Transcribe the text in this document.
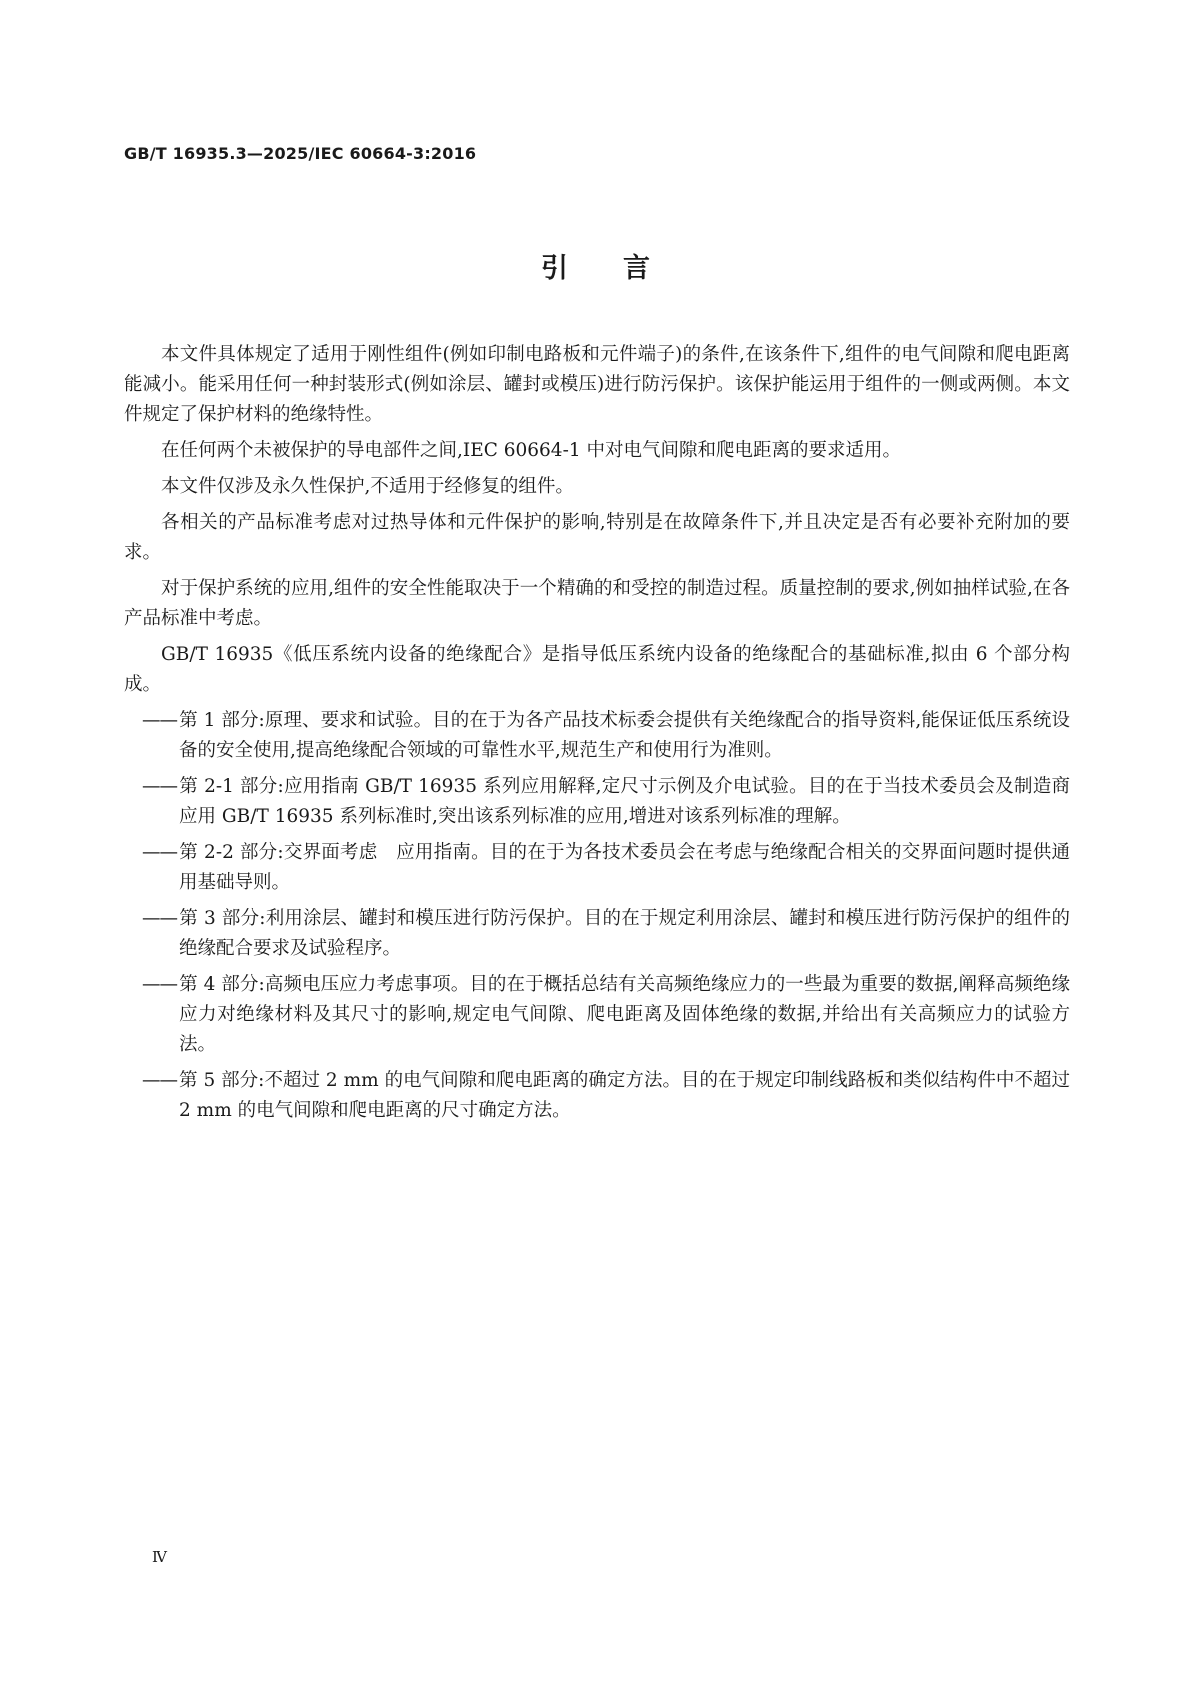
GB/T 16935.3—2025/IEC 60664-3:2016
引言

本文件具体规定了适用于刚性组件(例如印制电路板和元件端子)的条件,在该条件下,组件的电气间隙和爬电距离能减小。能采用任何一种封装形式(例如涂层、罐封或模压)进行防污保护。该保护能运用于组件的一侧或两侧。本文件规定了保护材料的绝缘特性。

在任何两个未被保护的导电部件之间,IEC 60664-1 中对电气间隙和爬电距离的要求适用。

本文件仅涉及永久性保护,不适用于经修复的组件。

各相关的产品标准考虑对过热导体和元件保护的影响,特别是在故障条件下,并且决定是否有必要补充附加的要求。

对于保护系统的应用,组件的安全性能取决于一个精确的和受控的制造过程。质量控制的要求,例如抽样试验,在各产品标准中考虑。

GB/T 16935《低压系统内设备的绝缘配合》是指导低压系统内设备的绝缘配合的基础标准,拟由 6 个部分构成。

—— 第 1 部分:原理、要求和试验。目的在于为各产品技术标委会提供有关绝缘配合的指导资料,能保证低压系统设备的安全使用,提高绝缘配合领域的可靠性水平,规范生产和使用行为准则。

—— 第 2-1 部分:应用指南 GB/T 16935 系列应用解释,定尺寸示例及介电试验。目的在于当技术委员会及制造商应用 GB/T 16935 系列标准时,突出该系列标准的应用,增进对该系列标准的理解。

—— 第 2-2 部分:交界面考虑　应用指南。目的在于为各技术委员会在考虑与绝缘配合相关的交界面问题时提供通用基础导则。

—— 第 3 部分:利用涂层、罐封和模压进行防污保护。目的在于规定利用涂层、罐封和模压进行防污保护的组件的绝缘配合要求及试验程序。

—— 第 4 部分:高频电压应力考虑事项。目的在于概括总结有关高频绝缘应力的一些最为重要的数据,阐释高频绝缘应力对绝缘材料及其尺寸的影响,规定电气间隙、爬电距离及固体绝缘的数据,并给出有关高频应力的试验方法。

—— 第 5 部分:不超过 2 mm 的电气间隙和爬电距离的确定方法。目的在于规定印制线路板和类似结构件中不超过 2 mm 的电气间隙和爬电距离的尺寸确定方法。

Ⅳ
